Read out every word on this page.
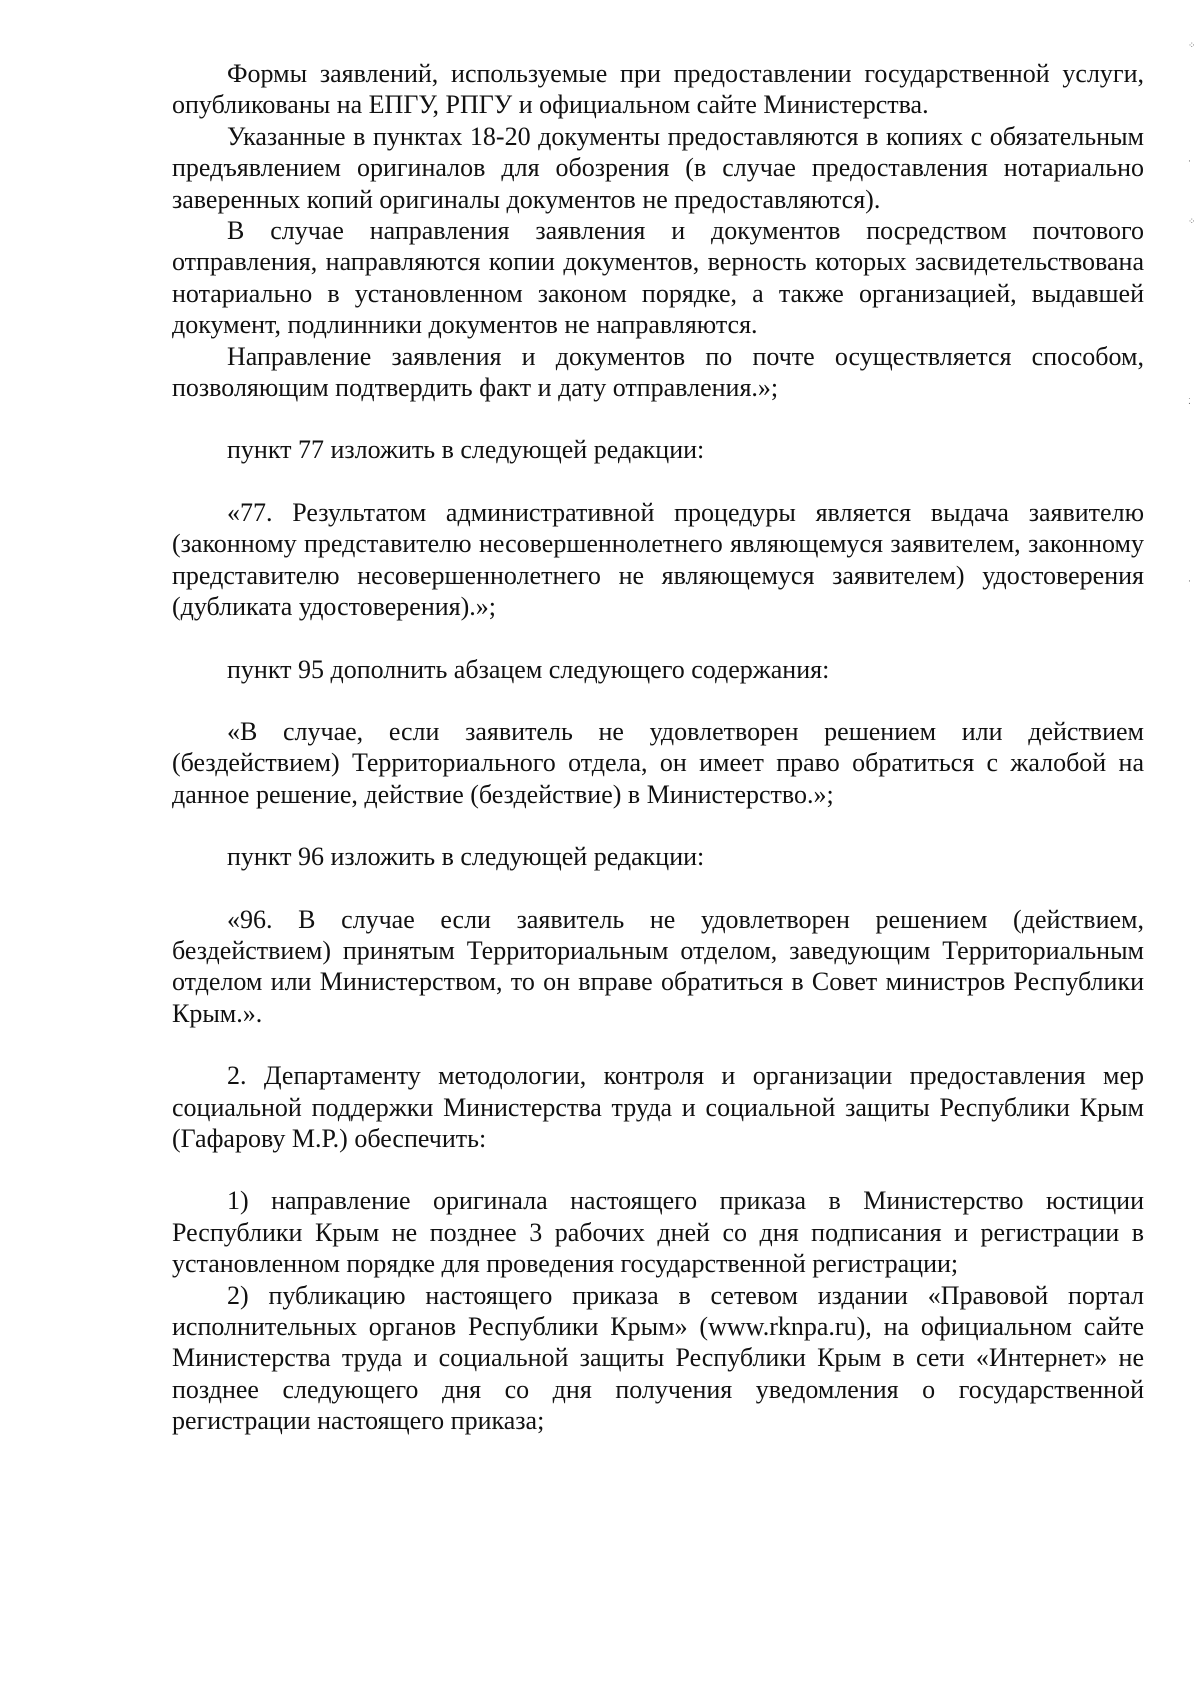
Формы заявлений, используемые при предоставлении государственной услуги, опубликованы на ЕПГУ, РПГУ и официальном сайте Министерства.

Указанные в пунктах 18-20 документы предоставляются в копиях с обязательным предъявлением оригиналов для обозрения (в случае предоставления нотариально заверенных копий оригиналы документов не предоставляются).

В случае направления заявления и документов посредством почтового отправления, направляются копии документов, верность которых засвидетельствована нотариально в установленном законом порядке, а также организацией, выдавшей документ, подлинники документов не направляются.

Направление заявления и документов по почте осуществляется способом, позволяющим подтвердить факт и дату отправления.»;

пункт 77 изложить в следующей редакции:

«77. Результатом административной процедуры является выдача заявителю (законному представителю несовершеннолетнего являющемуся заявителем, законному представителю несовершеннолетнего не являющемуся заявителем) удостоверения (дубликата удостоверения).»;

пункт 95 дополнить абзацем следующего содержания:

«В случае, если заявитель не удовлетворен решением или действием (бездействием) Территориального отдела, он имеет право обратиться с жалобой на данное решение, действие (бездействие) в Министерство.»;

пункт 96 изложить в следующей редакции:

«96. В случае если заявитель не удовлетворен решением (действием, бездействием) принятым Территориальным отделом, заведующим Территориальным отделом или Министерством, то он вправе обратиться в Совет министров Республики Крым.».

2. Департаменту методологии, контроля и организации предоставления мер социальной поддержки Министерства труда и социальной защиты Республики Крым (Гафарову М.Р.) обеспечить:

1) направление оригинала настоящего приказа в Министерство юстиции Республики Крым не позднее 3 рабочих дней со дня подписания и регистрации в установленном порядке для проведения государственной регистрации;

2) публикацию настоящего приказа в сетевом издании «Правовой портал исполнительных органов Республики Крым» (www.rknpa.ru), на официальном сайте Министерства труда и социальной защиты Республики Крым в сети «Интернет» не позднее следующего дня со дня получения уведомления о государственной регистрации настоящего приказа;

⁘
·
⁘
⁚
·
